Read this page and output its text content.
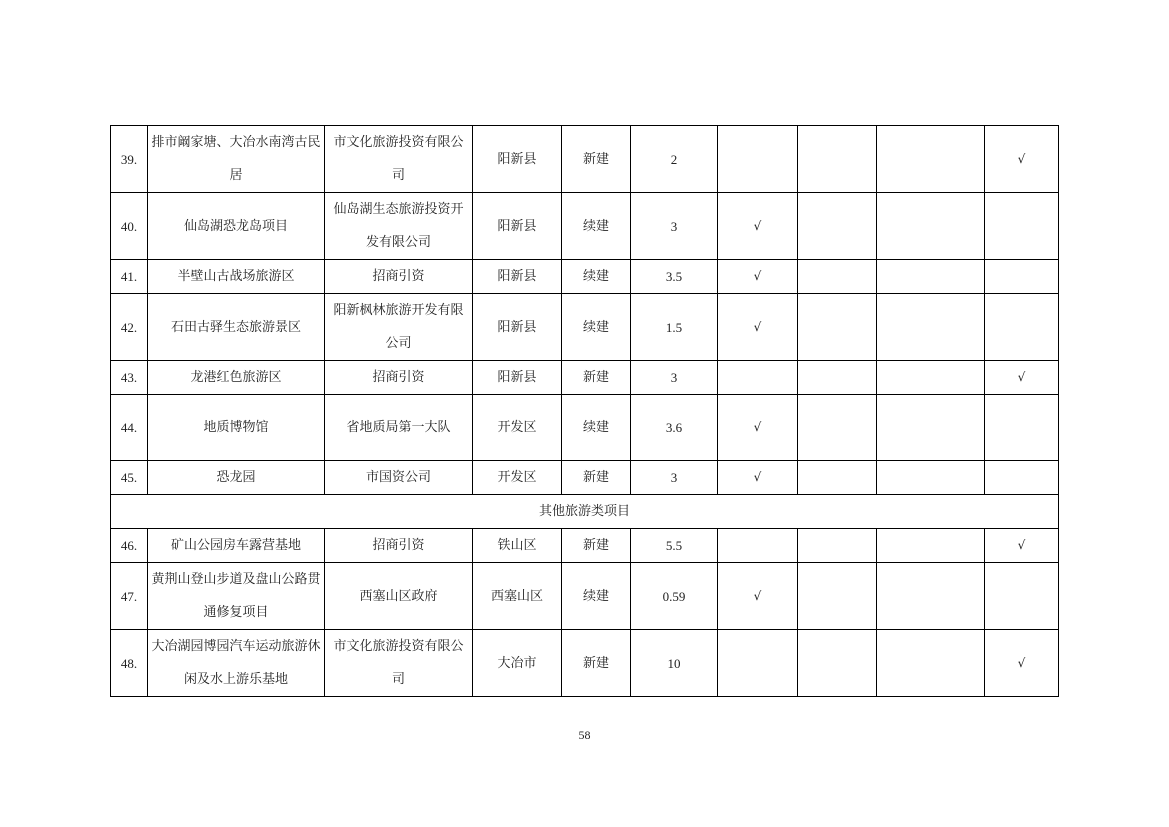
39.	排市阚家塘、大冶水南湾古民居	市文化旅游投资有限公司	阳新县	新建	2				√
40.	仙岛湖恐龙岛项目	仙岛湖生态旅游投资开发有限公司	阳新县	续建	3	√			
41.	半壁山古战场旅游区	招商引资	阳新县	续建	3.5	√			
42.	石田古驿生态旅游景区	阳新枫林旅游开发有限公司	阳新县	续建	1.5	√			
43.	龙港红色旅游区	招商引资	阳新县	新建	3				√
44.	地质博物馆	省地质局第一大队	开发区	续建	3.6	√			
45.	恐龙园	市国资公司	开发区	新建	3	√			
其他旅游类项目									
46.	矿山公园房车露营基地	招商引资	铁山区	新建	5.5				√
47.	黄荆山登山步道及盘山公路贯通修复项目	西塞山区政府	西塞山区	续建	0.59	√			
48.	大冶湖园博园汽车运动旅游休闲及水上游乐基地	市文化旅游投资有限公司	大冶市	新建	10				√
58
